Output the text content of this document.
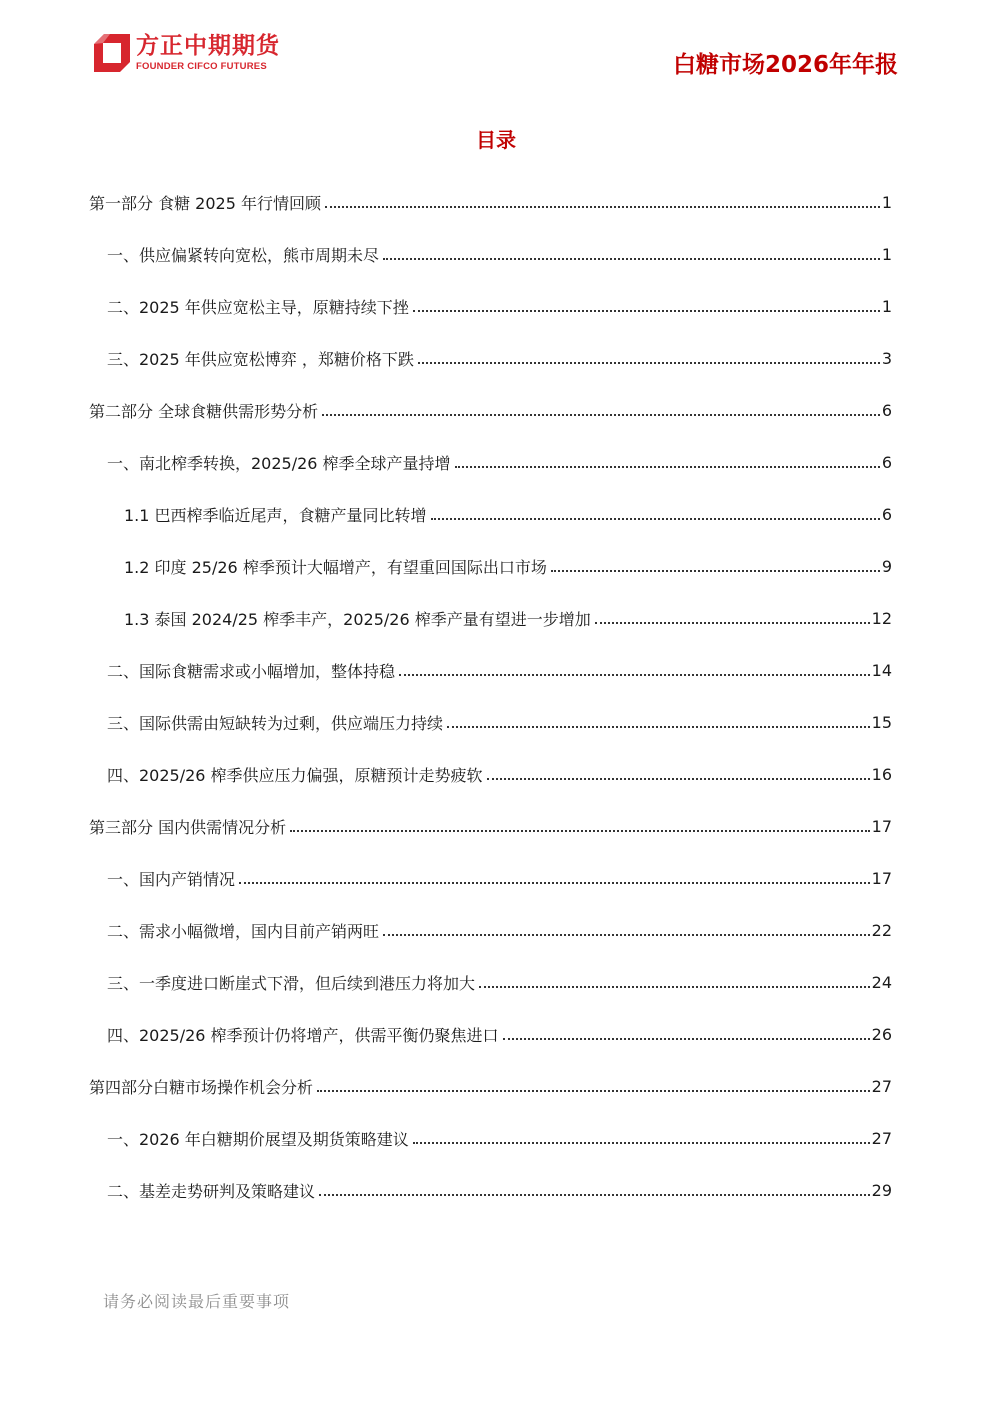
方正中期期货
FOUNDER CIFCO FUTURES	白糖市场2026年年报
目录
第一部分 食糖 2025 年行情回顾	1
一、供应偏紧转向宽松，熊市周期未尽	1
二、2025 年供应宽松主导，原糖持续下挫	1
三、2025 年供应宽松博弈 ，郑糖价格下跌	3
第二部分 全球食糖供需形势分析	6
一、南北榨季转换，2025/26 榨季全球产量持增	6
1.1 巴西榨季临近尾声，食糖产量同比转增	6
1.2 印度 25/26 榨季预计大幅增产，有望重回国际出口市场	9
1.3 泰国 2024/25 榨季丰产，2025/26 榨季产量有望进一步增加	12
二、国际食糖需求或小幅增加，整体持稳	14
三、国际供需由短缺转为过剩，供应端压力持续	15
四、2025/26 榨季供应压力偏强，原糖预计走势疲软	16
第三部分 国内供需情况分析	17
一、国内产销情况	17
二、需求小幅微增，国内目前产销两旺	22
三、一季度进口断崖式下滑，但后续到港压力将加大	24
四、2025/26 榨季预计仍将增产，供需平衡仍聚焦进口	26
第四部分白糖市场操作机会分析	27
一、2026 年白糖期价展望及期货策略建议	27
二、基差走势研判及策略建议	29
请务必阅读最后重要事项
